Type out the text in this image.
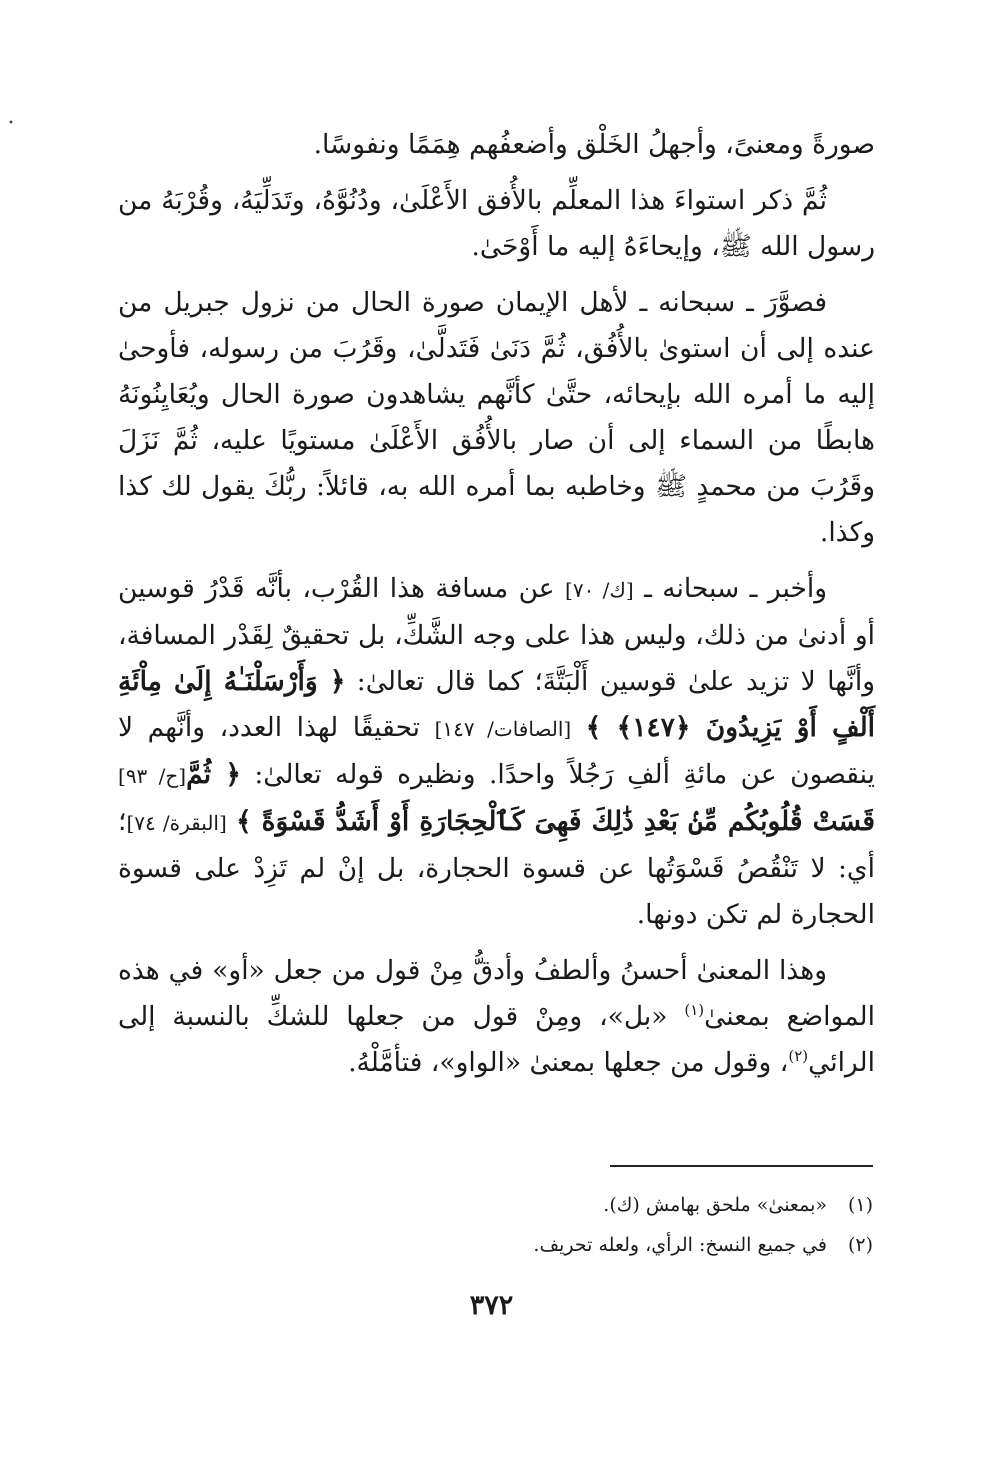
•

صورةً ومعنىً، وأجهلُ الخَلْق وأضعفُهم هِمَمًا ونفوسًا.

ثُمَّ ذكر استواءَ هذا المعلِّم بالأُفق الأَعْلَىٰ، ودُنُوَّهُ، وتَدَلِّيَهُ، وقُرْبَهُ من رسول الله ﷺ، وإيحاءَهُ إليه ما أَوْحَىٰ.

فصوَّرَ ـ سبحانه ـ لأهل الإيمان صورة الحال من نزول جبريل من عنده إلى أن استوىٰ بالأُفُق، ثُمَّ دَنَىٰ فَتَدلَّىٰ، وقَرُبَ من رسوله، فأوحىٰ إليه ما أمره الله بإيحائه، حتَّىٰ كأنَّهم يشاهدون صورة الحال ويُعَايِنُونَهُ هابطًا من السماء إلى أن صار بالأُفُق الأَعْلَىٰ مستويًا عليه، ثُمَّ نَزَلَ وقَرُبَ من محمدٍ ﷺ وخاطبه بما أمره الله به، قائلاً: ربُّكَ يقول لك كذا وكذا.

وأخبر ـ سبحانه ـ [ك/ ٧٠] عن مسافة هذا القُرْب، بأنَّه قَدْرُ قوسين أو أدنىٰ من ذلك، وليس هذا على وجه الشَّكِّ، بل تحقيقٌ لِقَدْر المسافة، وأنَّها لا تزيد علىٰ قوسين أَلْبَتَّةَ؛ كما قال تعالىٰ: ﴿ وَأَرْسَلْنَـٰهُ إِلَىٰ مِاْئَةِ أَلْفٍ أَوْ يَزِيدُونَ ﴿١٤٧﴾ ﴾ [الصافات/ ١٤٧] تحقيقًا لهذا العدد، وأنَّهم لا ينقصون عن مائةِ ألفِ رَجُلاً واحدًا. ونظيره قوله تعالىٰ: ﴿ ثُمَّ[ح/ ٩٣] قَسَتْ قُلُوبُكُم مِّنۢ بَعْدِ ذَٰلِكَ فَهِىَ كَٱلْحِجَارَةِ أَوْ أَشَدُّ قَسْوَةً ﴾ [البقرة/ ٧٤]؛ أي: لا تَنْقُصُ قَسْوَتُها عن قسوة الحجارة، بل إنْ لم تَزِدْ على قسوة الحجارة لم تكن دونها.

وهذا المعنىٰ أحسنُ وألطفُ وأدقُّ مِنْ قول من جعل «أو» في هذه المواضع بمعنىٰ$^{(١)}$ «بل»، ومِنْ قول من جعلها للشكِّ بالنسبة إلى الرائي$^{(٢)}$، وقول من جعلها بمعنىٰ «الواو»، فتأمَّلْهُ.

(١)«بمعنىٰ» ملحق بهامش (ك).
(٢)في جميع النسخ: الرأي، ولعله تحريف.
٣٧٢
